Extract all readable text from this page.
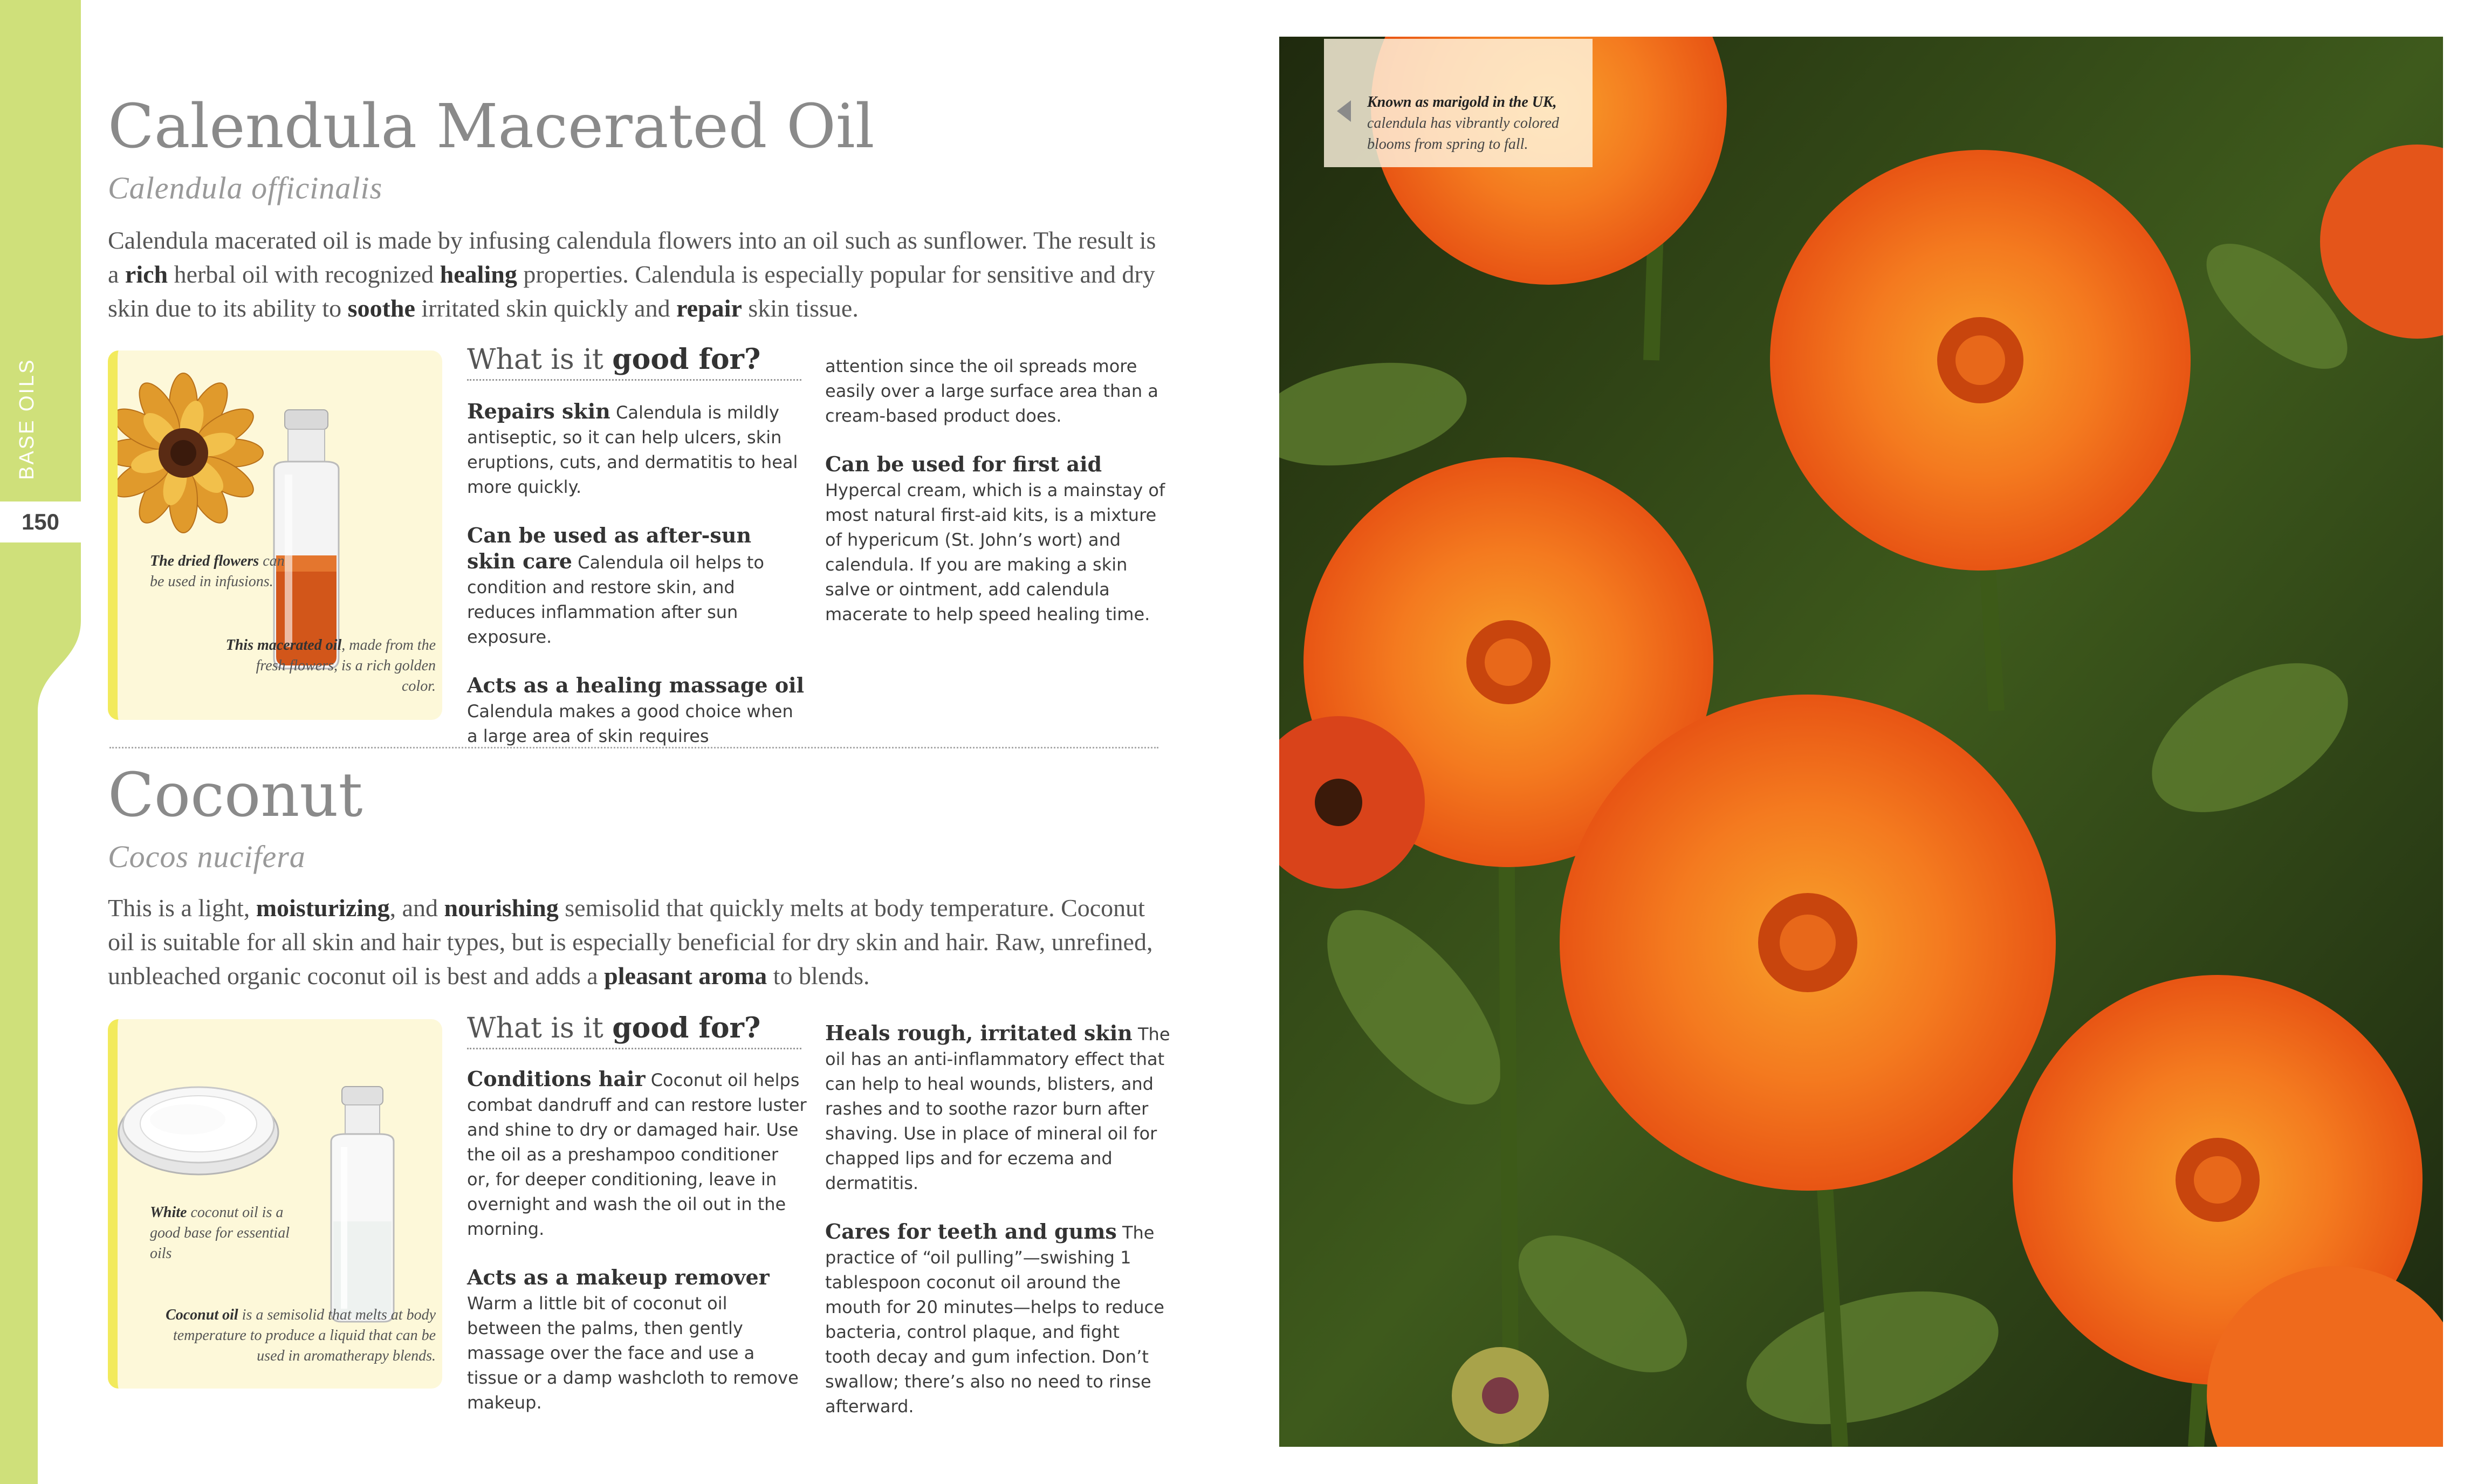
BASE OILS
150
Calendula Macerated Oil
Calendula officinalis
Calendula macerated oil is made by infusing calendula flowers into an oil such as sunflower. The result is a rich herbal oil with recognized healing properties. Calendula is especially popular for sensitive and dry skin due to its ability to soothe irritated skin quickly and repair skin tissue.
The dried flowers can be used in infusions.
This macerated oil, made from the fresh flowers, is a rich golden color.
What is it good for?

Repairs skin Calendula is mildly antiseptic, so it can help ulcers, skin eruptions, cuts, and dermatitis to heal more quickly.

Can be used as after-sun skin care Calendula oil helps to condition and restore skin, and reduces inflammation after sun exposure.

Acts as a healing massage oil Calendula makes a good choice when a large area of skin requires

attention since the oil spreads more easily over a large surface area than a cream-based product does.

Can be used for first aid Hypercal cream, which is a mainstay of most natural first-aid kits, is a mixture of hypericum (St. John’s wort) and calendula. If you are making a skin salve or ointment, add calendula macerate to help speed healing time.

Coconut
Cocos nucifera
This is a light, moisturizing, and nourishing semisolid that quickly melts at body temperature. Coconut oil is suitable for all skin and hair types, but is especially beneficial for dry skin and hair. Raw, unrefined, unbleached organic coconut oil is best and adds a pleasant aroma to blends.
White coconut oil is a good base for essential oils
Coconut oil is a semisolid that melts at body temperature to produce a liquid that can be used in aromatherapy blends.
What is it good for?

Conditions hair Coconut oil helps combat dandruff and can restore luster and shine to dry or damaged hair. Use the oil as a preshampoo conditioner or, for deeper conditioning, leave in overnight and wash the oil out in the morning.

Acts as a makeup remover Warm a little bit of coconut oil between the palms, then gently massage over the face and use a tissue or a damp washcloth to remove makeup.

Heals rough, irritated skin The oil has an anti-inflammatory effect that can help to heal wounds, blisters, and rashes and to soothe razor burn after shaving. Use in place of mineral oil for chapped lips and for eczema and dermatitis.

Cares for teeth and gums The practice of “oil pulling”—swishing 1 tablespoon coconut oil around the mouth for 20 minutes—helps to reduce bacteria, control plaque, and fight tooth decay and gum infection. Don’t swallow; there’s also no need to rinse afterward.

Known as marigold in the UK, calendula has vibrantly colored blooms from spring to fall.
